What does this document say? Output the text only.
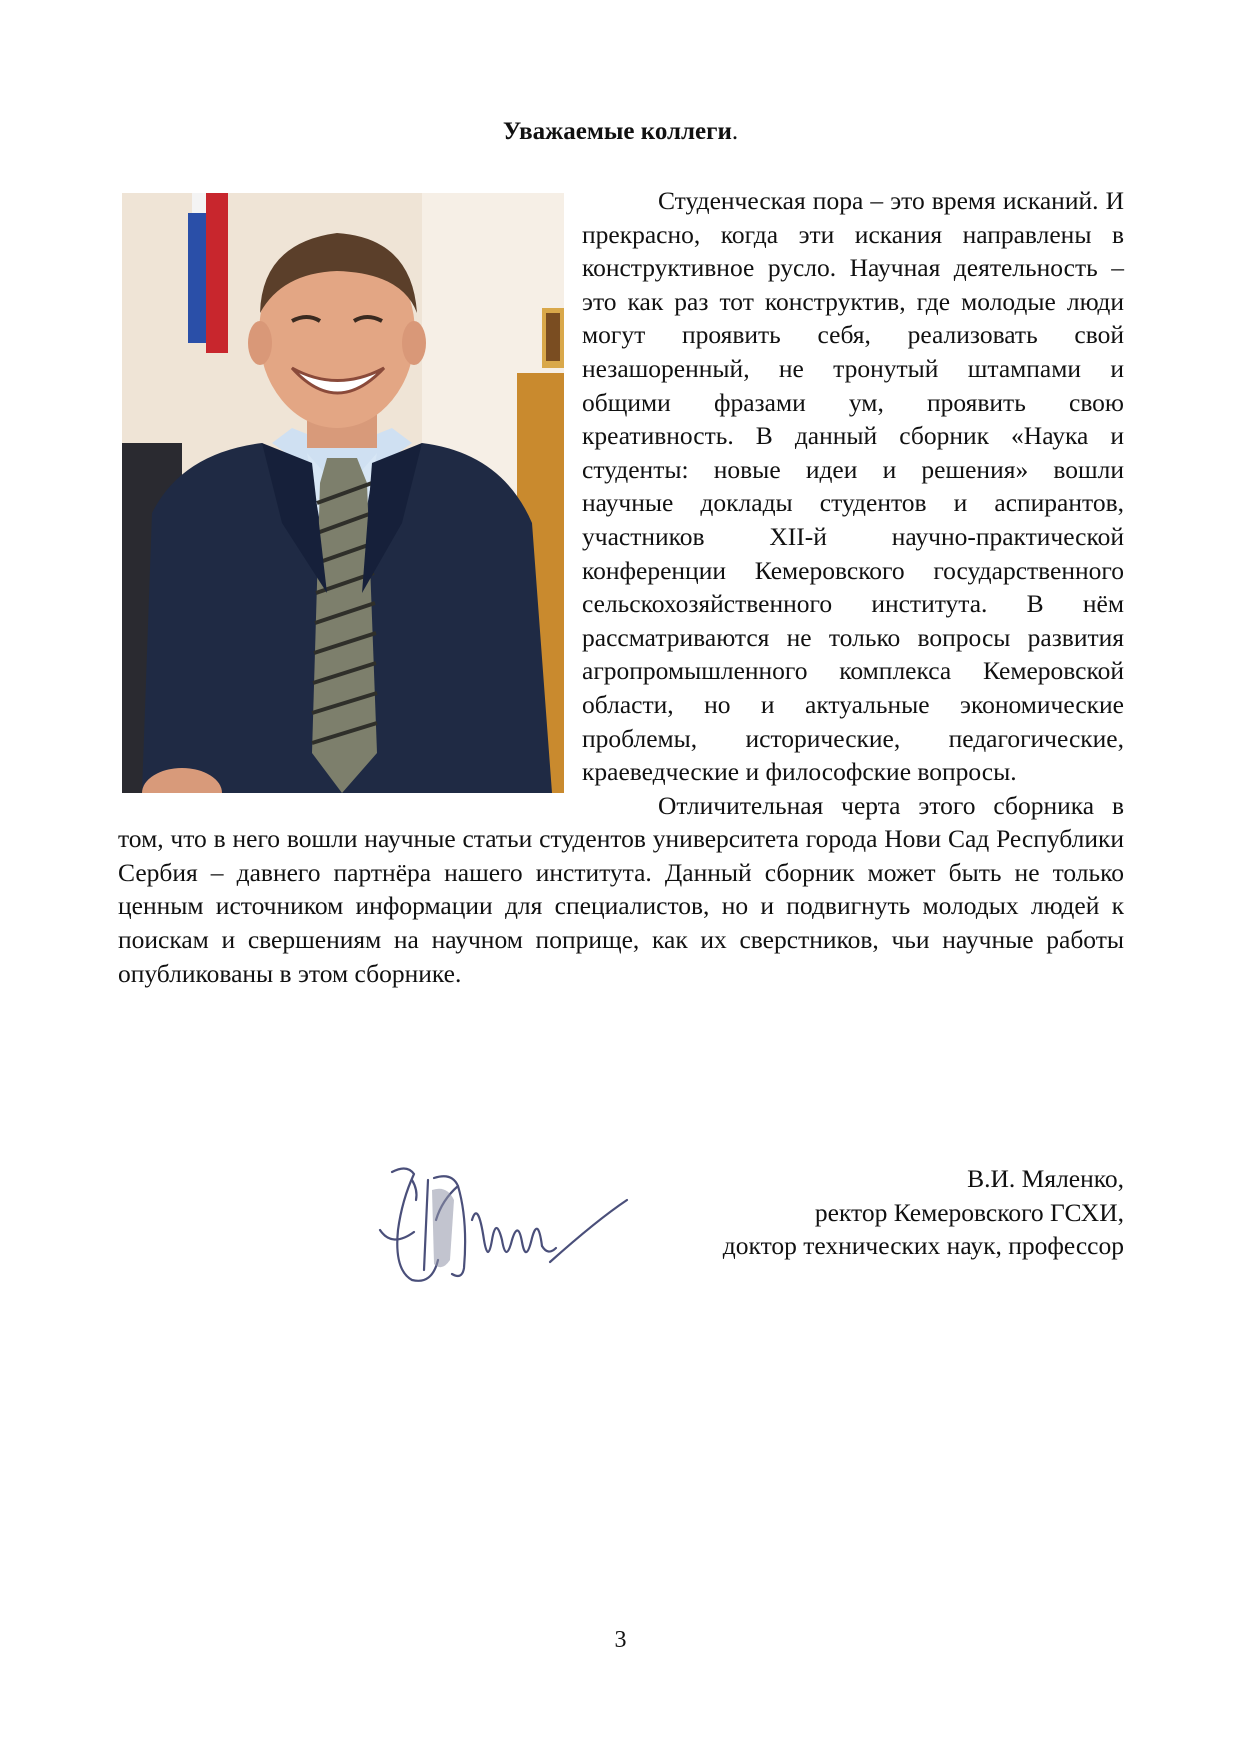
Уважаемые коллеги.

Студенческая пора – это время исканий. И прекрасно, когда эти искания направлены в конструктивное русло. Научная деятельность – это как раз тот конструктив, где молодые люди могут проявить себя, реализовать свой незашоренный, не тронутый штампами и общими фразами ум, проявить свою креативность. В данный сборник «Наука и студенты: новые идеи и решения» вошли научные доклады студентов и аспирантов, участников XII-й научно-практической конференции Кемеровского государственного сельскохозяйственного института. В нём рассматриваются не только вопросы развития агропромышленного комплекса Кемеровской области, но и актуальные экономические проблемы, исторические, педагогические, краеведческие и философские вопросы.

Отличительная черта этого сборника в том, что в него вошли научные статьи студентов университета города Нови Сад Республики Сербия – давнего партнёра нашего института. Данный сборник может быть не только ценным источником информации для специалистов, но и подвигнуть молодых людей к поискам и свершениям на научном поприще, как их сверстников, чьи научные работы опубликованы в этом сборнике.

В.И. Мяленко,
ректор Кемеровского ГСХИ,
доктор технических наук, профессор
3
